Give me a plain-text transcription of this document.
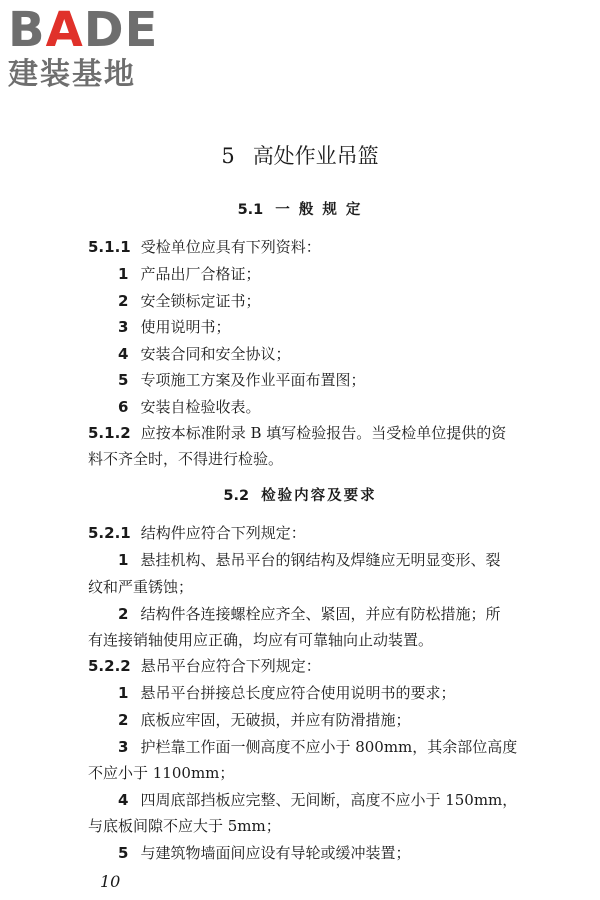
BADE
建装基地
5 高处作业吊篮
5.1 一 般 规 定
5.1.1 受检单位应具有下列资料：
1 产品出厂合格证；
2 安全锁标定证书；
3 使用说明书；
4 安装合同和安全协议；
5 专项施工方案及作业平面布置图；
6 安装自检验收表。
5.1.2 应按本标准附录 B 填写检验报告。当受检单位提供的资
料不齐全时，不得进行检验。
5.2 检验内容及要求
5.2.1 结构件应符合下列规定：
1 悬挂机构、悬吊平台的钢结构及焊缝应无明显变形、裂
纹和严重锈蚀；
2 结构件各连接螺栓应齐全、紧固，并应有防松措施；所
有连接销轴使用应正确，均应有可靠轴向止动装置。
5.2.2 悬吊平台应符合下列规定：
1 悬吊平台拼接总长度应符合使用说明书的要求；
2 底板应牢固，无破损，并应有防滑措施；
3 护栏靠工作面一侧高度不应小于 800mm，其余部位高度
不应小于 1100mm；
4 四周底部挡板应完整、无间断，高度不应小于 150mm，
与底板间隙不应大于 5mm；
5 与建筑物墙面间应设有导轮或缓冲装置；
10
